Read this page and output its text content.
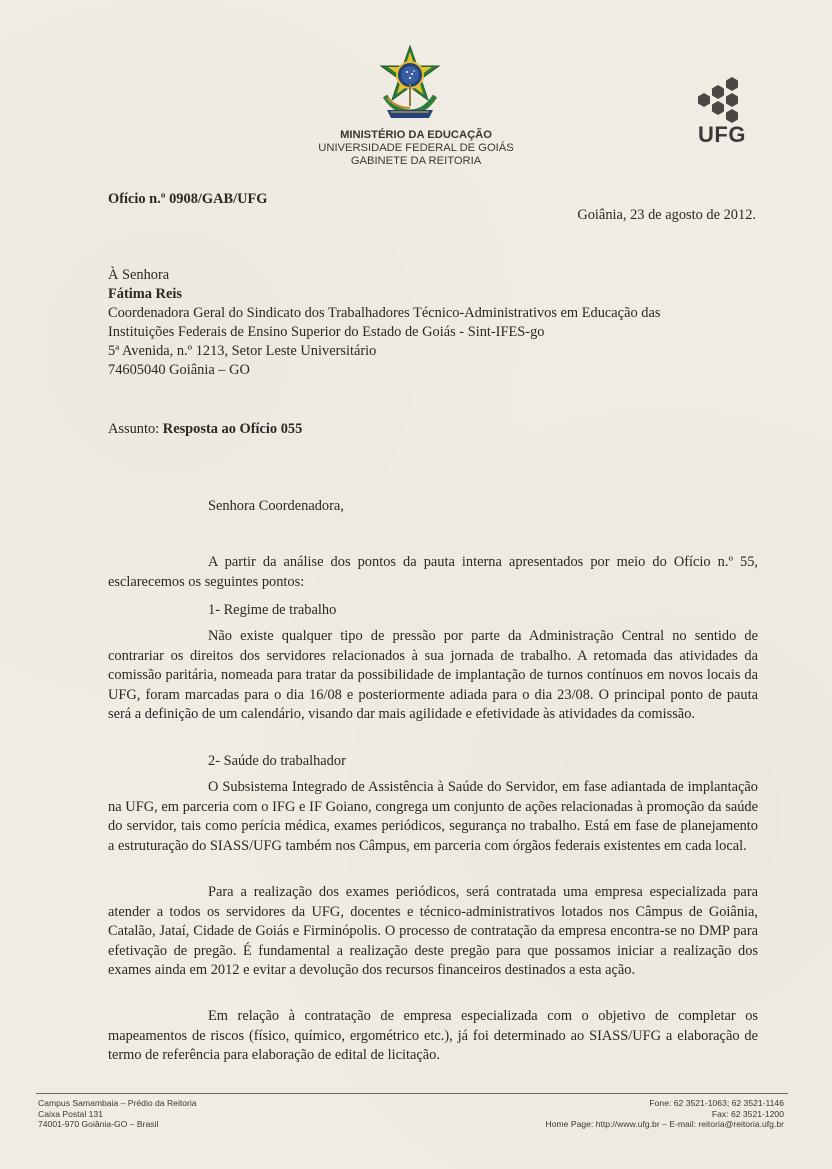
UFG
MINISTÉRIO DA EDUCAÇÃO
UNIVERSIDADE FEDERAL DE GOIÁS
GABINETE DA REITORIA
Ofício n.º 0908/GAB/UFG
Goiânia, 23 de agosto de 2012.
À Senhora
Fátima Reis
Coordenadora Geral do Sindicato dos Trabalhadores Técnico-Administrativos em Educação das
Instituições Federais de Ensino Superior do Estado de Goiás - Sint-IFES-go
5ª Avenida, n.º 1213, Setor Leste Universitário
74605040 Goiânia – GO
Assunto: Resposta ao Ofício 055
Senhora Coordenadora,

A partir da análise dos pontos da pauta interna apresentados por meio do Ofício n.º 55, esclarecemos os seguintes pontos:

1- Regime de trabalho

Não existe qualquer tipo de pressão por parte da Administração Central no sentido de contrariar os direitos dos servidores relacionados à sua jornada de trabalho. A retomada das atividades da comissão paritária, nomeada para tratar da possibilidade de implantação de turnos contínuos em novos locais da UFG, foram marcadas para o dia 16/08 e posteriormente adiada para o dia 23/08. O principal ponto de pauta será a definição de um calendário, visando dar mais agilidade e efetividade às atividades da comissão.

2- Saúde do trabalhador

O Subsistema Integrado de Assistência à Saúde do Servidor, em fase adiantada de implantação na UFG, em parceria com o IFG e IF Goiano, congrega um conjunto de ações relacionadas à promoção da saúde do servidor, tais como perícia médica, exames periódicos, segurança no trabalho. Está em fase de planejamento a estruturação do SIASS/UFG também nos Câmpus, em parceria com órgãos federais existentes em cada local.

Para a realização dos exames periódicos, será contratada uma empresa especializada para atender a todos os servidores da UFG, docentes e técnico-administrativos lotados nos Câmpus de Goiânia, Catalão, Jataí, Cidade de Goiás e Firminópolis. O processo de contratação da empresa encontra-se no DMP para efetivação de pregão. É fundamental a realização deste pregão para que possamos iniciar a realização dos exames ainda em 2012 e evitar a devolução dos recursos financeiros destinados a esta ação.

Em relação à contratação de empresa especializada com o objetivo de completar os mapeamentos de riscos (físico, químico, ergométrico etc.), já foi determinado ao SIASS/UFG a elaboração de termo de referência para elaboração de edital de licitação.

Campus Samambaia – Prédio da Reitoria
Caixa Postal 131
74001-970 Goiânia-GO – Brasil
Fone: 62 3521-1063; 62 3521-1146
Fax: 62 3521-1200
Home Page: http://www.ufg.br – E-mail: reitoria@reitoria.ufg.br
